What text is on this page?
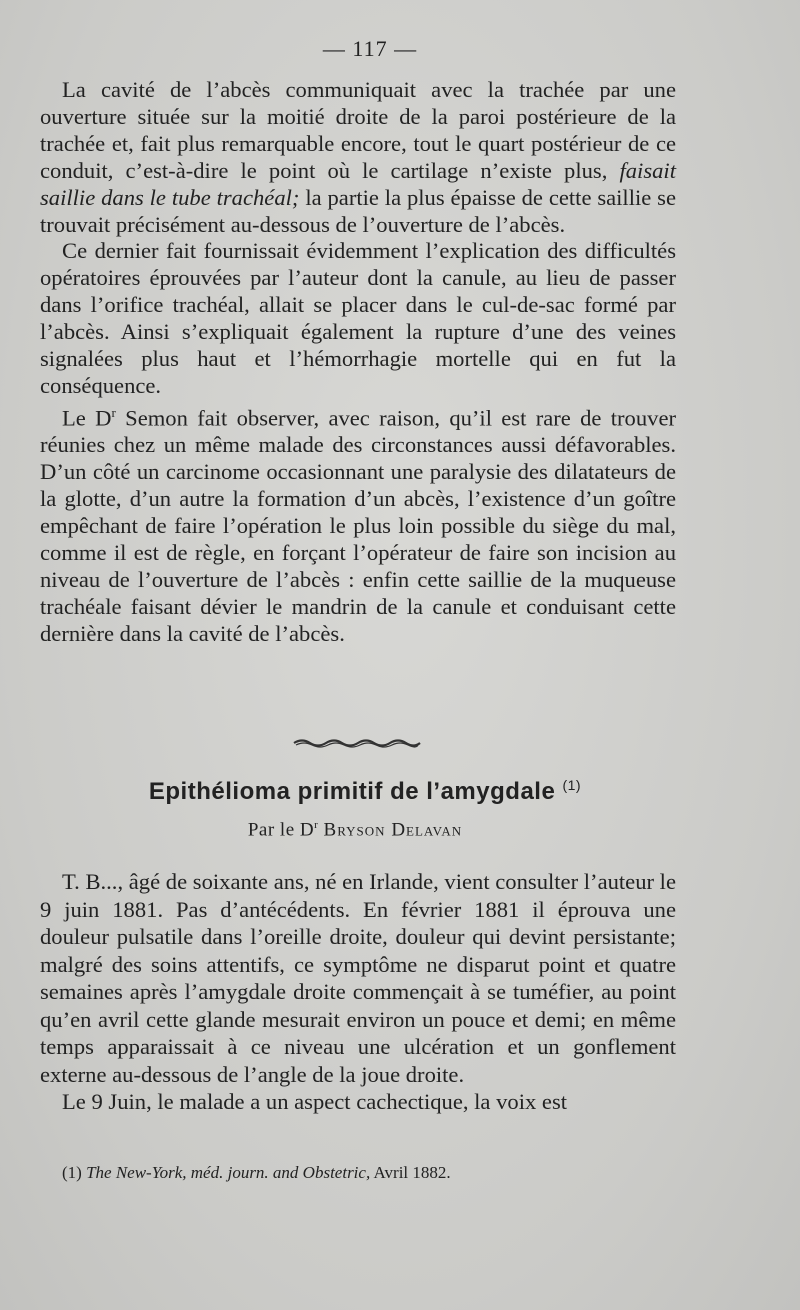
— 117 —

La cavité de l’abcès communiquait avec la trachée par une ouverture située sur la moitié droite de la paroi postérieure de la trachée et, fait plus remarquable encore, tout le quart postérieur de ce conduit, c’est-à-dire le point où le cartilage n’existe plus, faisait saillie dans le tube trachéal; la partie la plus épaisse de cette saillie se trouvait précisément au-dessous de l’ouverture de l’abcès.

Ce dernier fait fournissait évidemment l’explication des difficultés opératoires éprouvées par l’auteur dont la canule, au lieu de passer dans l’orifice trachéal, allait se placer dans le cul-de-sac formé par l’abcès. Ainsi s’expliquait également la rupture d’une des veines signalées plus haut et l’hémorrhagie mortelle qui en fut la conséquence.

Le $D^r$ Semon fait observer, avec raison, qu’il est rare de trouver réunies chez un même malade des circonstances aussi défavorables. D’un côté un carcinome occasionnant une paralysie des dilatateurs de la glotte, d’un autre la formation d’un abcès, l’existence d’un goître empêchant de faire l’opération le plus loin possible du siège du mal, comme il est de règle, en forçant l’opérateur de faire son incision au niveau de l’ouverture de l’abcès : enfin cette saillie de la muqueuse trachéale faisant dévier le mandrin de la canule et conduisant cette dernière dans la cavité de l’abcès.

Epithélioma primitif de l’amygdale $^{(1)}$
Par le $D^r$ Bryson Delavan

T. B..., âgé de soixante ans, né en Irlande, vient consulter l’auteur le 9 juin 1881. Pas d’antécédents. En février 1881 il éprouva une douleur pulsatile dans l’oreille droite, douleur qui devint persistante; malgré des soins attentifs, ce symptôme ne disparut point et quatre semaines après l’amygdale droite commençait à se tuméfier, au point qu’en avril cette glande mesurait environ un pouce et demi; en même temps apparaissait à ce niveau une ulcération et un gonflement externe au-dessous de l’angle de la joue droite.

Le 9 Juin, le malade a un aspect cachectique, la voix est

(1) The New-York, méd. journ. and Obstetric, Avril 1882.
